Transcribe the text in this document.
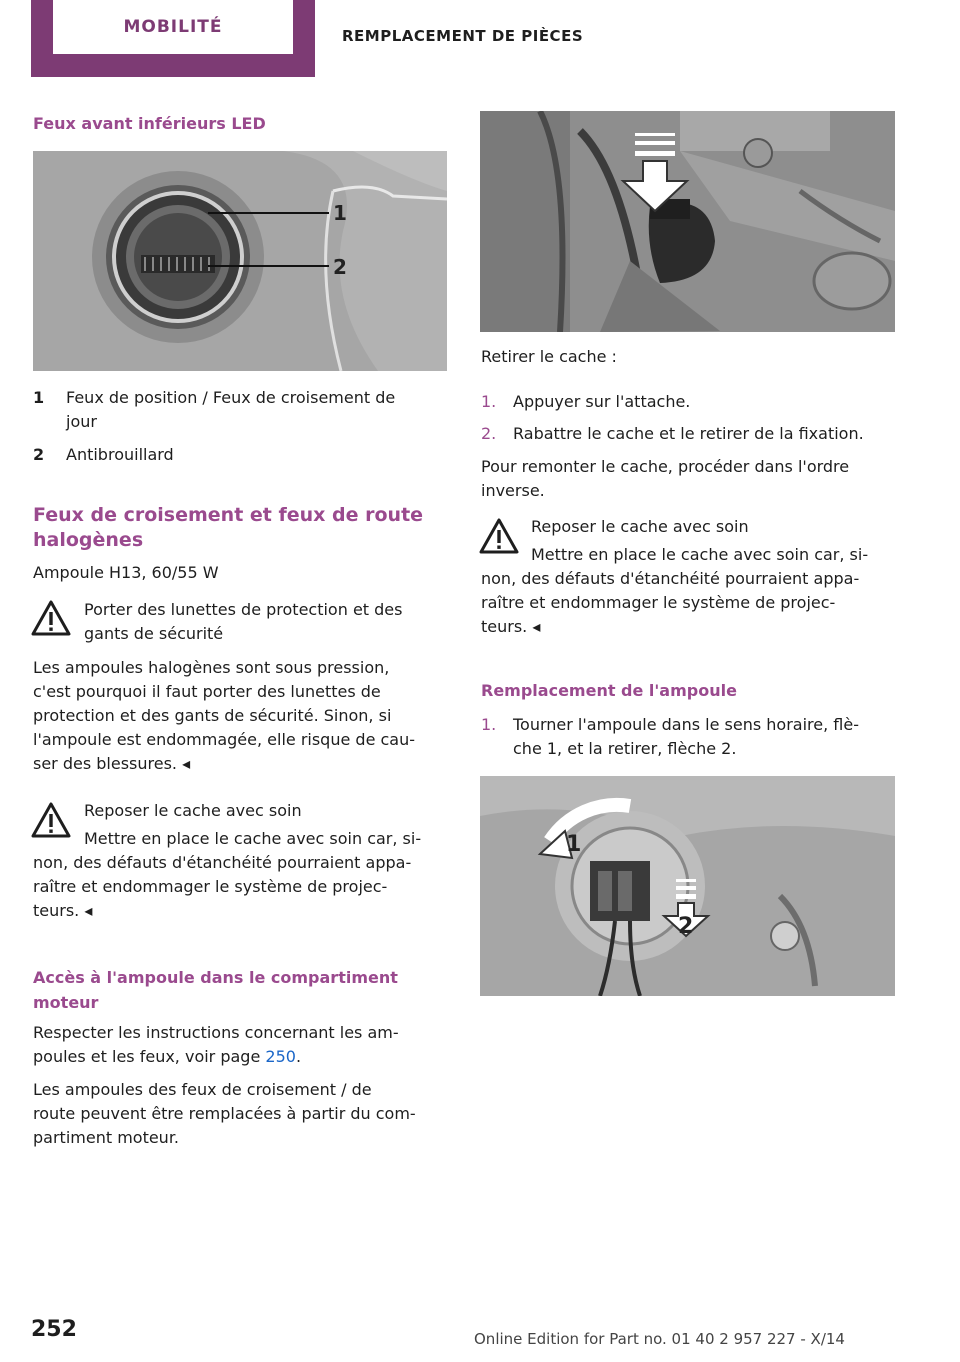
MOBILITÉ	REMPLACEMENT DE PIÈCES
Feux avant inférieurs LED
1
2
1 Feux de position / Feux de croisement de
jour
2 Antibrouillard
Feux de croisement et feux de route
halogènes
Ampoule H13, 60/55 W
Porter des lunettes de protection et des
gants de sécurité
Les ampoules halogènes sont sous pression,
c'est pourquoi il faut porter des lunettes de
protection et des gants de sécurité. Sinon, si
l'ampoule est endommagée, elle risque de cau‐
ser des blessures. ◂
Reposer le cache avec soin
Mettre en place le cache avec soin car, si‐
non, des défauts d'étanchéité pourraient appa‐
raître et endommager le système de projec‐
teurs. ◂
Accès à l'ampoule dans le compartiment
moteur
Respecter les instructions concernant les am‐
poules et les feux, voir page 250.
Les ampoules des feux de croisement / de
route peuvent être remplacées à partir du com‐
partiment moteur.
Retirer le cache :
1. Appuyer sur l'attache.
2. Rabattre le cache et le retirer de la fixation.
Pour remonter le cache, procéder dans l'ordre
inverse.
Reposer le cache avec soin
Mettre en place le cache avec soin car, si‐
non, des défauts d'étanchéité pourraient appa‐
raître et endommager le système de projec‐
teurs. ◂
Remplacement de l'ampoule
1. Tourner l'ampoule dans le sens horaire, flè‐
che 1, et la retirer, flèche 2.
1
2
252	Online Edition for Part no. 01 40 2 957 227 - X/14
